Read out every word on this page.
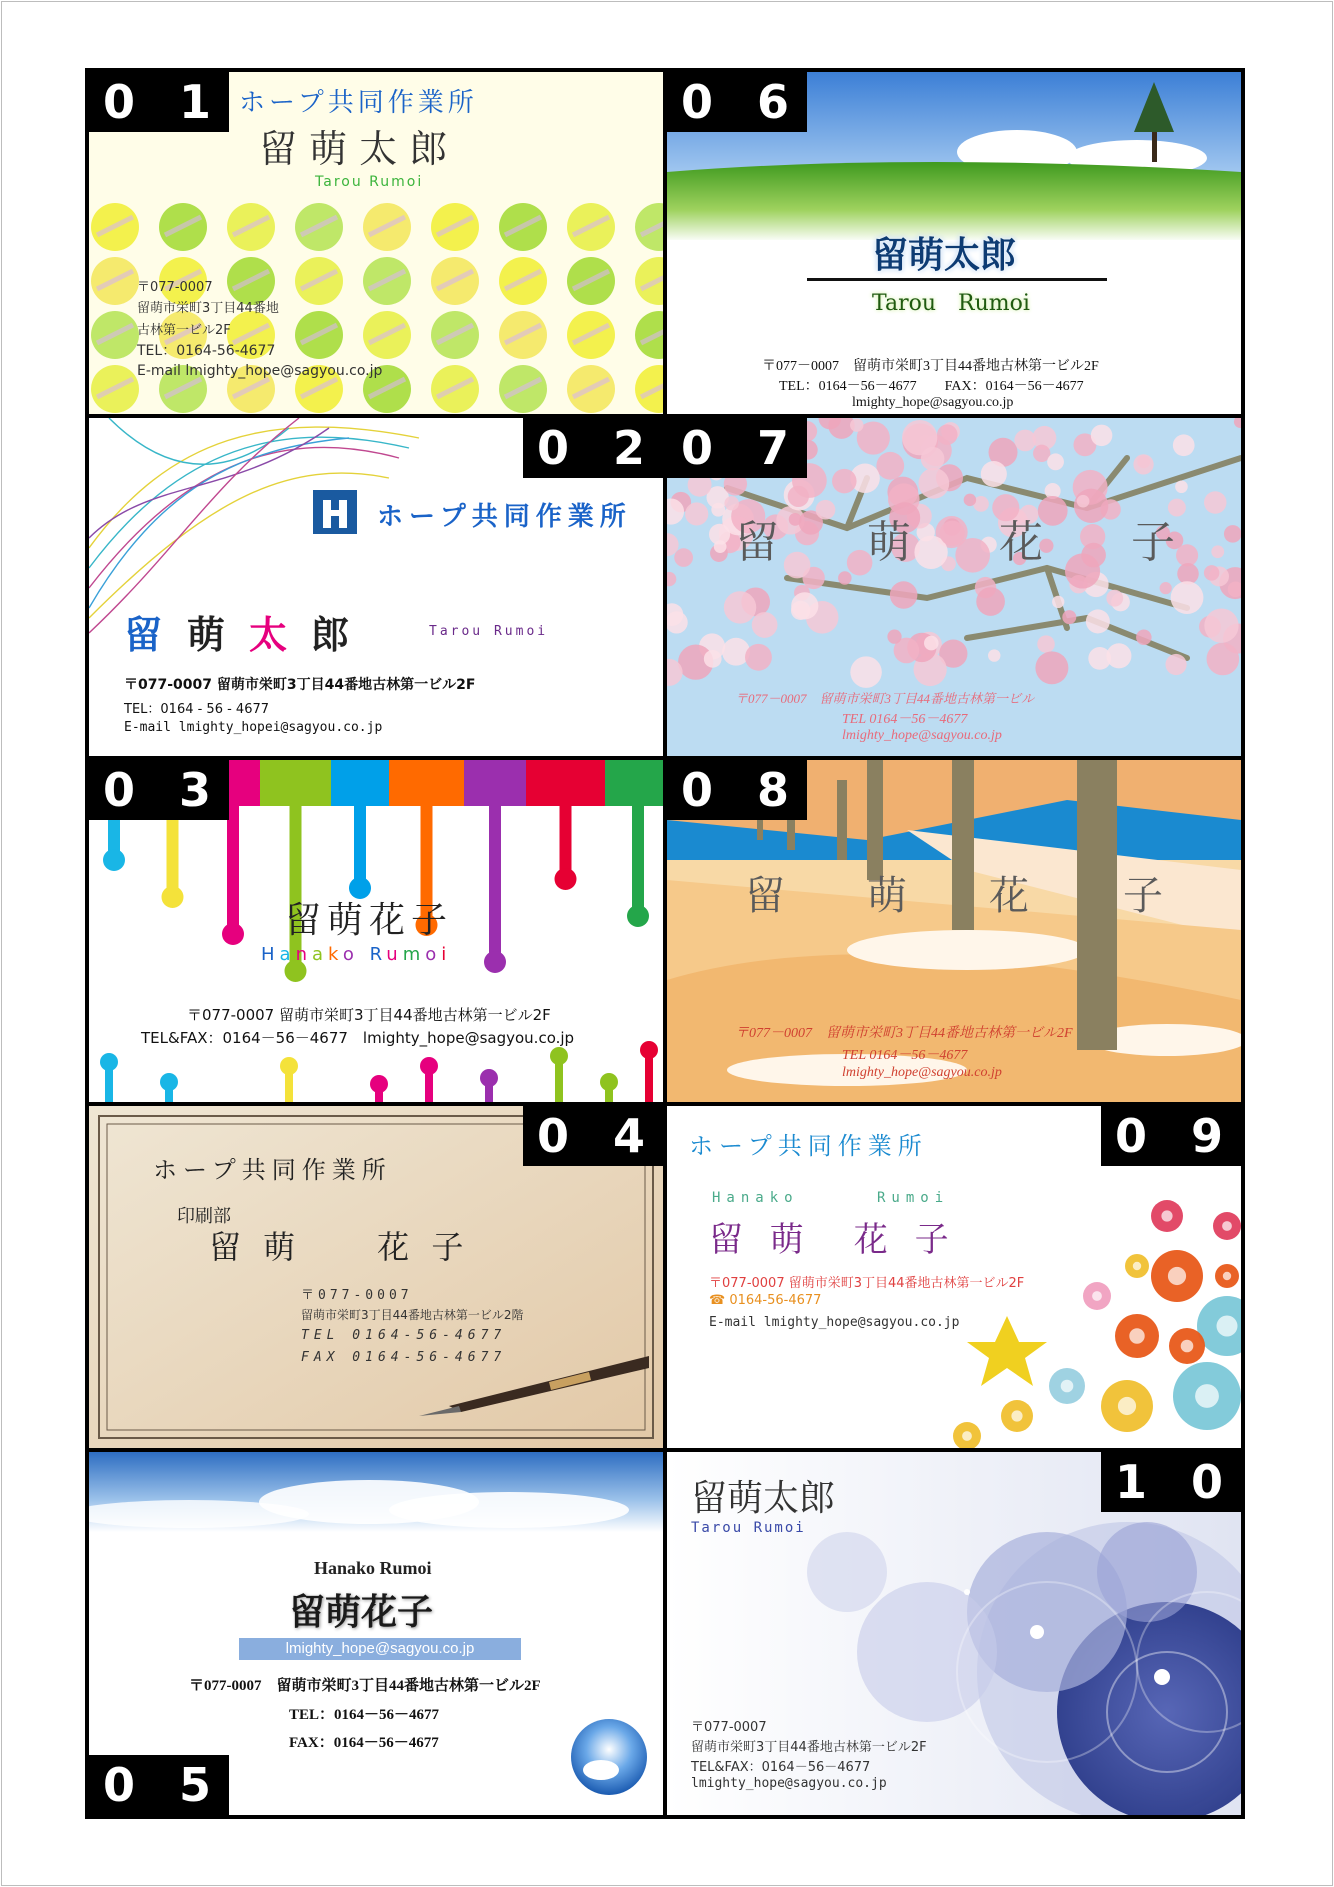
ホープ共同作業所
留 萌 太 郎
Tarou Rumoi
〒077-0007
留萌市栄町3丁目44番地
古林第一ビル2F
TEL：0164-56-4677
E-mail lmighty_hope@sagyou.co.jp
0 1
留萌太郎
Tarou　Rumoi
〒077－0007　留萌市栄町3丁目44番地古林第一ビル2F
TEL：0164－56－4677　　FAX：0164－56－4677
lmighty_hope@sagyou.co.jp
0 6
ホープ共同作業所
留 萌 太 郎	Tarou Rumoi
〒077-0007 留萌市栄町3丁目44番地古林第一ビル2F
TEL：0164 - 56 - 4677
E-mail lmighty_hopei@sagyou.co.jp
0 2
留 萌 花 子
〒077－0007　留萌市栄町3丁目44番地古林第一ビル
TEL 0164－56－4677
lmighty_hope@sagyou.co.jp
0 7
留萌花子
Hanako Rumoi
〒077-0007 留萌市栄町3丁目44番地古林第一ビル2F
TEL&FAX：0164－56－4677　lmighty_hope@sagyou.co.jp
0 3
留 萌 花 子
〒077－0007　留萌市栄町3丁目44番地古林第一ビル2F
TEL 0164－56－4677
lmighty_hope@sagyou.co.jp
0 8
ホープ共同作業所
印刷部
留 萌　　花 子
〒077-0007
留萌市栄町3丁目44番地古林第一ビル2階
TEL 0164-56-4677
FAX 0164-56-4677
0 4 ホープ共同作業所
Hanako	Rumoi
留 萌　花 子
〒077-0007 留萌市栄町3丁目44番地古林第一ビル2F
☎ 0164-56-4677
E-mail lmighty_hope@sagyou.co.jp
0 9
Hanako Rumoi
留萌花子
lmighty_hope@sagyou.co.jp
〒077-0007　留萌市栄町3丁目44番地古林第一ビル2F
TEL：0164－56－4677
FAX：0164－56－4677
0 5
留萌太郎
Tarou Rumoi
〒077-0007
留萌市栄町3丁目44番地古林第一ビル2F
TEL&FAX：0164－56－4677
lmighty_hope@sagyou.co.jp
1 0
